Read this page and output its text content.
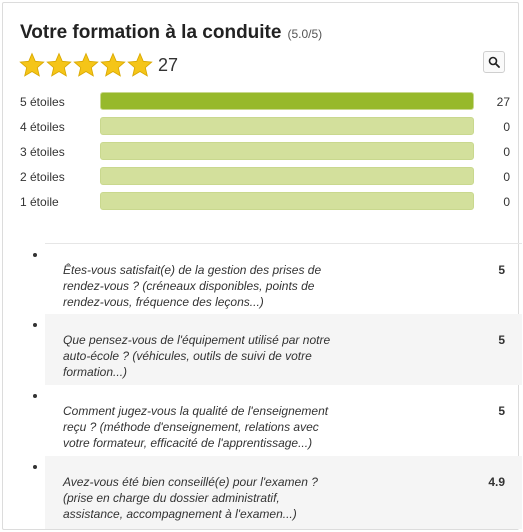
Votre formation à la conduite (5.0/5)
27
5 étoiles	27
4 étoiles	0
3 étoiles	0
2 étoiles	0
1 étoile	0
Êtes-vous satisfait(e) de la gestion des prises de rendez-vous ? (créneaux disponibles, points de rendez-vous, fréquence des leçons...)
5
Que pensez-vous de l'équipement utilisé par notre auto-école ? (véhicules, outils de suivi de votre formation...)
5
Comment jugez-vous la qualité de l'enseignement reçu ? (méthode d'enseignement, relations avec votre formateur, efficacité de l'apprentissage...)
5
Avez-vous été bien conseillé(e) pour l'examen ? (prise en charge du dossier administratif, assistance, accompagnement à l'examen...)
4.9
